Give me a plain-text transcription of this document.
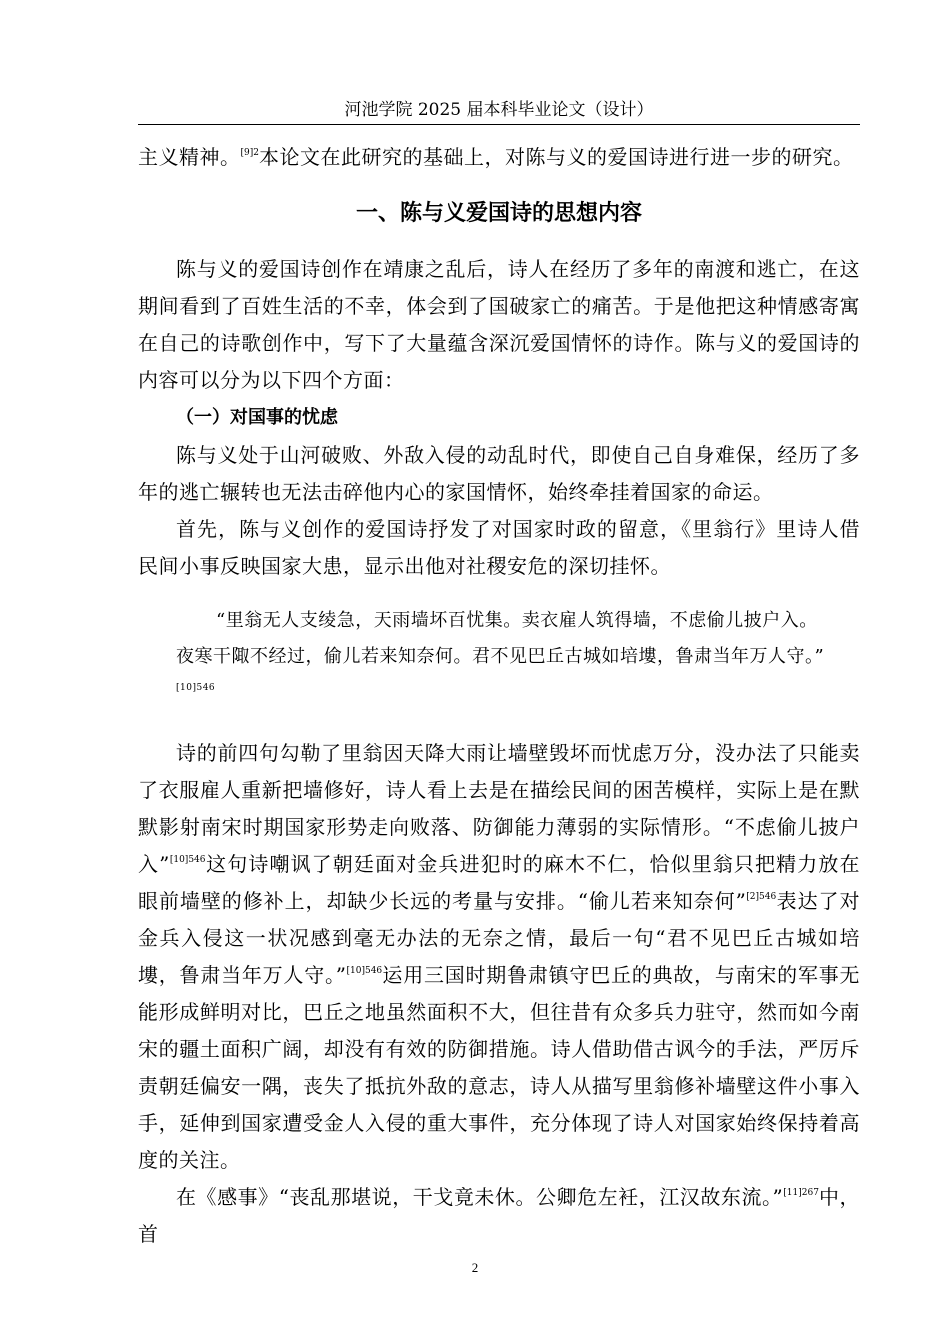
河池学院 2025 届本科毕业论文（设计）

主义精神。$^{[9]2}$本论文在此研究的基础上，对陈与义的爱国诗进行进一步的研究。

一、陈与义爱国诗的思想内容

陈与义的爱国诗创作在靖康之乱后，诗人在经历了多年的南渡和逃亡，在这期间看到了百姓生活的不幸，体会到了国破家亡的痛苦。于是他把这种情感寄寓在自己的诗歌创作中，写下了大量蕴含深沉爱国情怀的诗作。陈与义的爱国诗的内容可以分为以下四个方面：

（一）对国事的忧虑

陈与义处于山河破败、外敌入侵的动乱时代，即使自己自身难保，经历了多年的逃亡辗转也无法击碎他内心的家国情怀，始终牵挂着国家的命运。

首先，陈与义创作的爱国诗抒发了对国家时政的留意，《里翁行》里诗人借民间小事反映国家大患，显示出他对社稷安危的深切挂怀。

“里翁无人支绫急，天雨墙坏百忧集。卖衣雇人筑得墙，不虑偷儿披户入。
夜寒干陬不经过，偷儿若来知奈何。君不见巴丘古城如培塿，鲁肃当年万人守。”
[10]546

诗的前四句勾勒了里翁因天降大雨让墙壁毁坏而忧虑万分，没办法了只能卖了衣服雇人重新把墙修好，诗人看上去是在描绘民间的困苦模样，实际上是在默默影射南宋时期国家形势走向败落、防御能力薄弱的实际情形。“不虑偷儿披户入”$^{[10]546}$这句诗嘲讽了朝廷面对金兵进犯时的麻木不仁，恰似里翁只把精力放在眼前墙壁的修补上，却缺少长远的考量与安排。“偷儿若来知奈何”$^{[2]546}$表达了对金兵入侵这一状况感到毫无办法的无奈之情，最后一句“君不见巴丘古城如培塿，鲁肃当年万人守。”$^{[10]546}$运用三国时期鲁肃镇守巴丘的典故，与南宋的军事无能形成鲜明对比，巴丘之地虽然面积不大，但往昔有众多兵力驻守，然而如今南宋的疆土面积广阔，却没有有效的防御措施。诗人借助借古讽今的手法，严厉斥责朝廷偏安一隅，丧失了抵抗外敌的意志，诗人从描写里翁修补墙壁这件小事入手，延伸到国家遭受金人入侵的重大事件，充分体现了诗人对国家始终保持着高度的关注。

在《感事》“丧乱那堪说，干戈竟未休。公卿危左衽，江汉故东流。”$^{[11]267}$中，首

2
